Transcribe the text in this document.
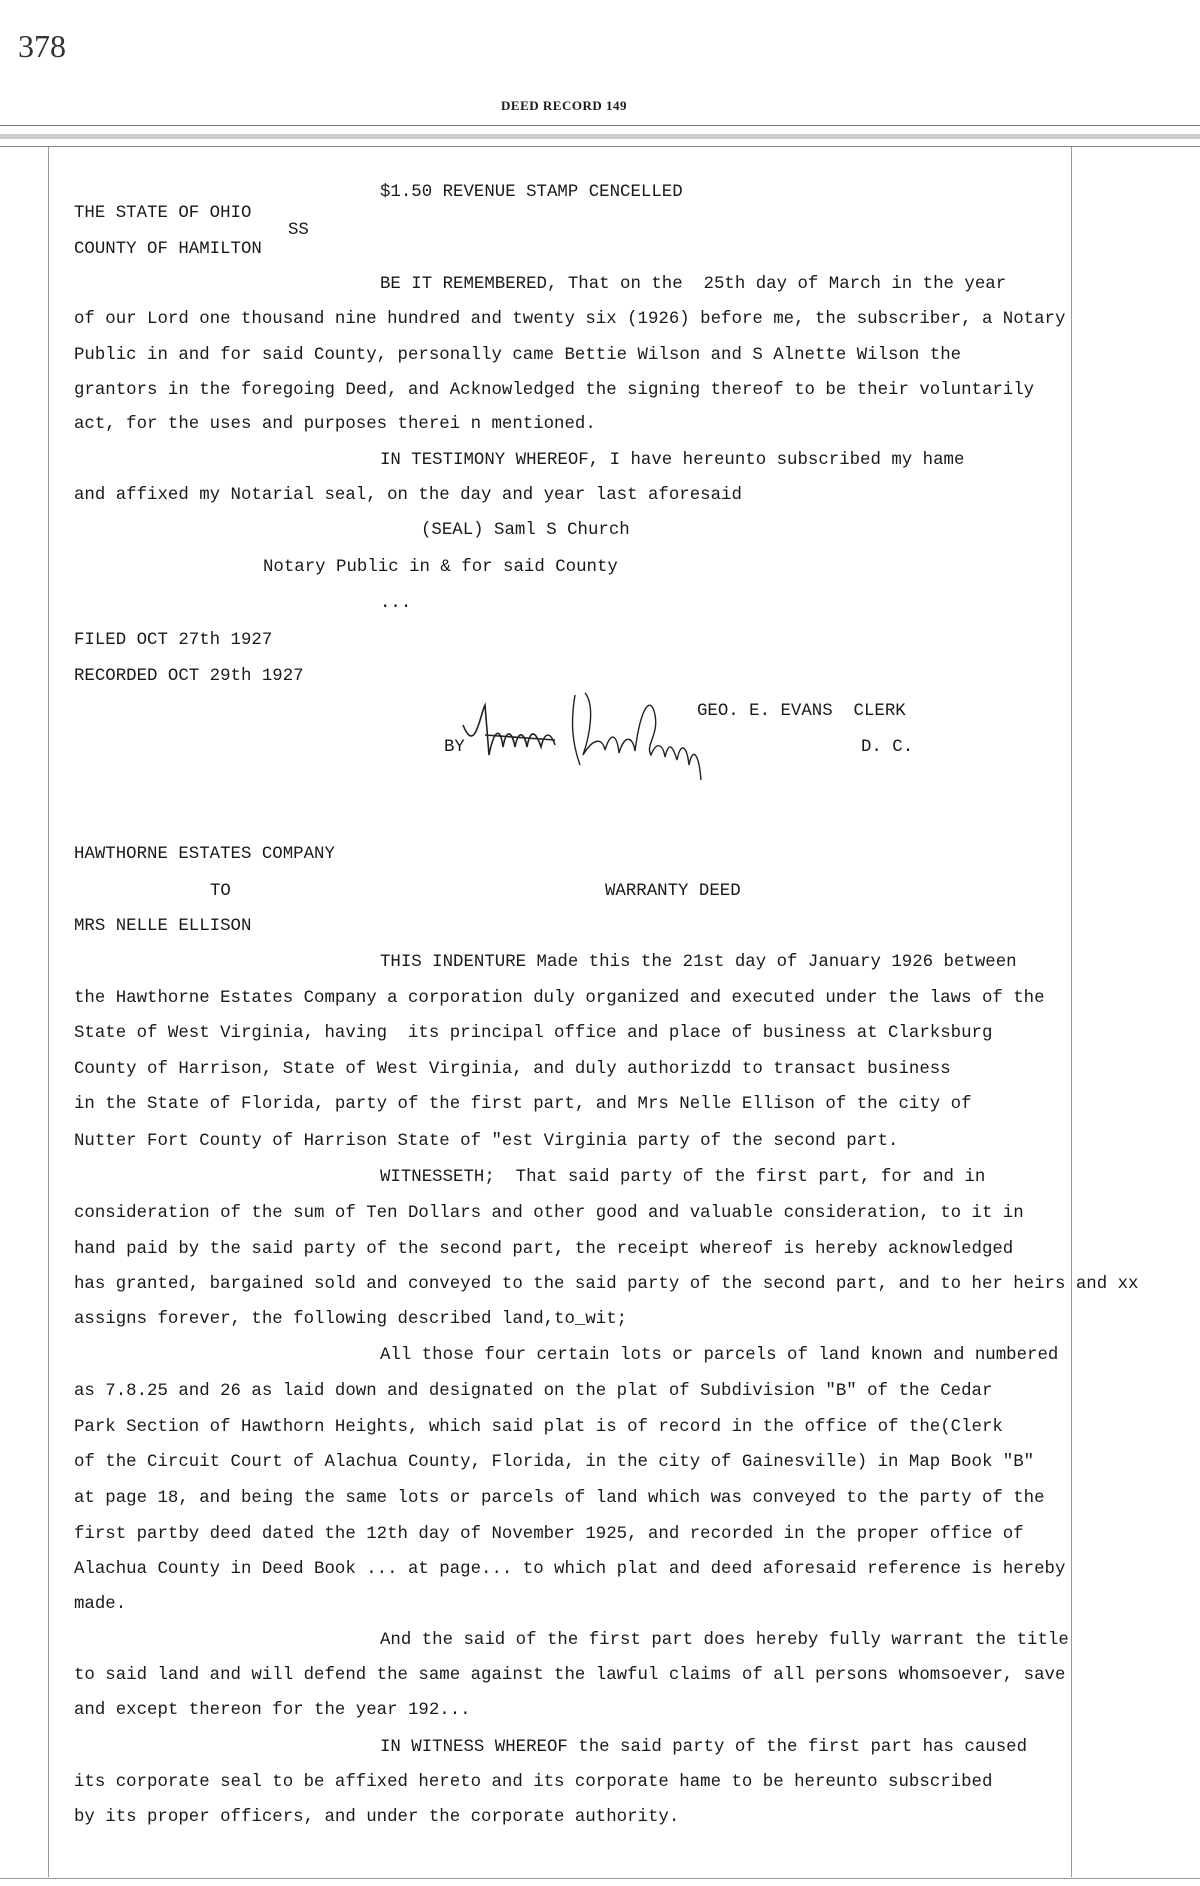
378
DEED RECORD 149
$1.50 REVENUE STAMP CENCELLED
THE STATE OF OHIO
SS
COUNTY OF HAMILTON
BE IT REMEMBERED, That on the  25th day of March in the year
of our Lord one thousand nine hundred and twenty six (1926) before me, the subscriber, a Notary
Public in and for said County, personally came Bettie Wilson and S Alnette Wilson the
grantors in the foregoing Deed, and Acknowledged the signing thereof to be their voluntarily
act, for the uses and purposes therei n mentioned.
IN TESTIMONY WHEREOF, I have hereunto subscribed my hame
and affixed my Notarial seal, on the day and year last aforesaid
(SEAL) Saml S Church
Notary Public in & for said County
...
FILED OCT 27th 1927
RECORDED OCT 29th 1927
GEO. E. EVANS  CLERK
BY	D. C.
HAWTHORNE ESTATES COMPANY
TO	WARRANTY DEED
MRS NELLE ELLISON
THIS INDENTURE Made this the 21st day of January 1926 between
the Hawthorne Estates Company a corporation duly organized and executed under the laws of the
State of West Virginia, having  its principal office and place of business at Clarksburg
County of Harrison, State of West Virginia, and duly authorizdd to transact business
in the State of Florida, party of the first part, and Mrs Nelle Ellison of the city of
Nutter Fort County of Harrison State of "est Virginia party of the second part.
WITNESSETH;  That said party of the first part, for and in
consideration of the sum of Ten Dollars and other good and valuable consideration, to it in
hand paid by the said party of the second part, the receipt whereof is hereby acknowledged
has granted, bargained sold and conveyed to the said party of the second part, and to her heirs and xx
assigns forever, the following described land,to_wit;
All those four certain lots or parcels of land known and numbered
as 7.8.25 and 26 as laid down and designated on the plat of Subdivision "B" of the Cedar
Park Section of Hawthorn Heights, which said plat is of record in the office of the(Clerk
of the Circuit Court of Alachua County, Florida, in the city of Gainesville) in Map Book "B"
at page 18, and being the same lots or parcels of land which was conveyed to the party of the
first partby deed dated the 12th day of November 1925, and recorded in the proper office of
Alachua County in Deed Book ... at page... to which plat and deed aforesaid reference is hereby
made.
And the said of the first part does hereby fully warrant the title
to said land and will defend the same against the lawful claims of all persons whomsoever, save
and except thereon for the year 192...
IN WITNESS WHEREOF the said party of the first part has caused
its corporate seal to be affixed hereto and its corporate hame to be hereunto subscribed
by its proper officers, and under the corporate authority.
